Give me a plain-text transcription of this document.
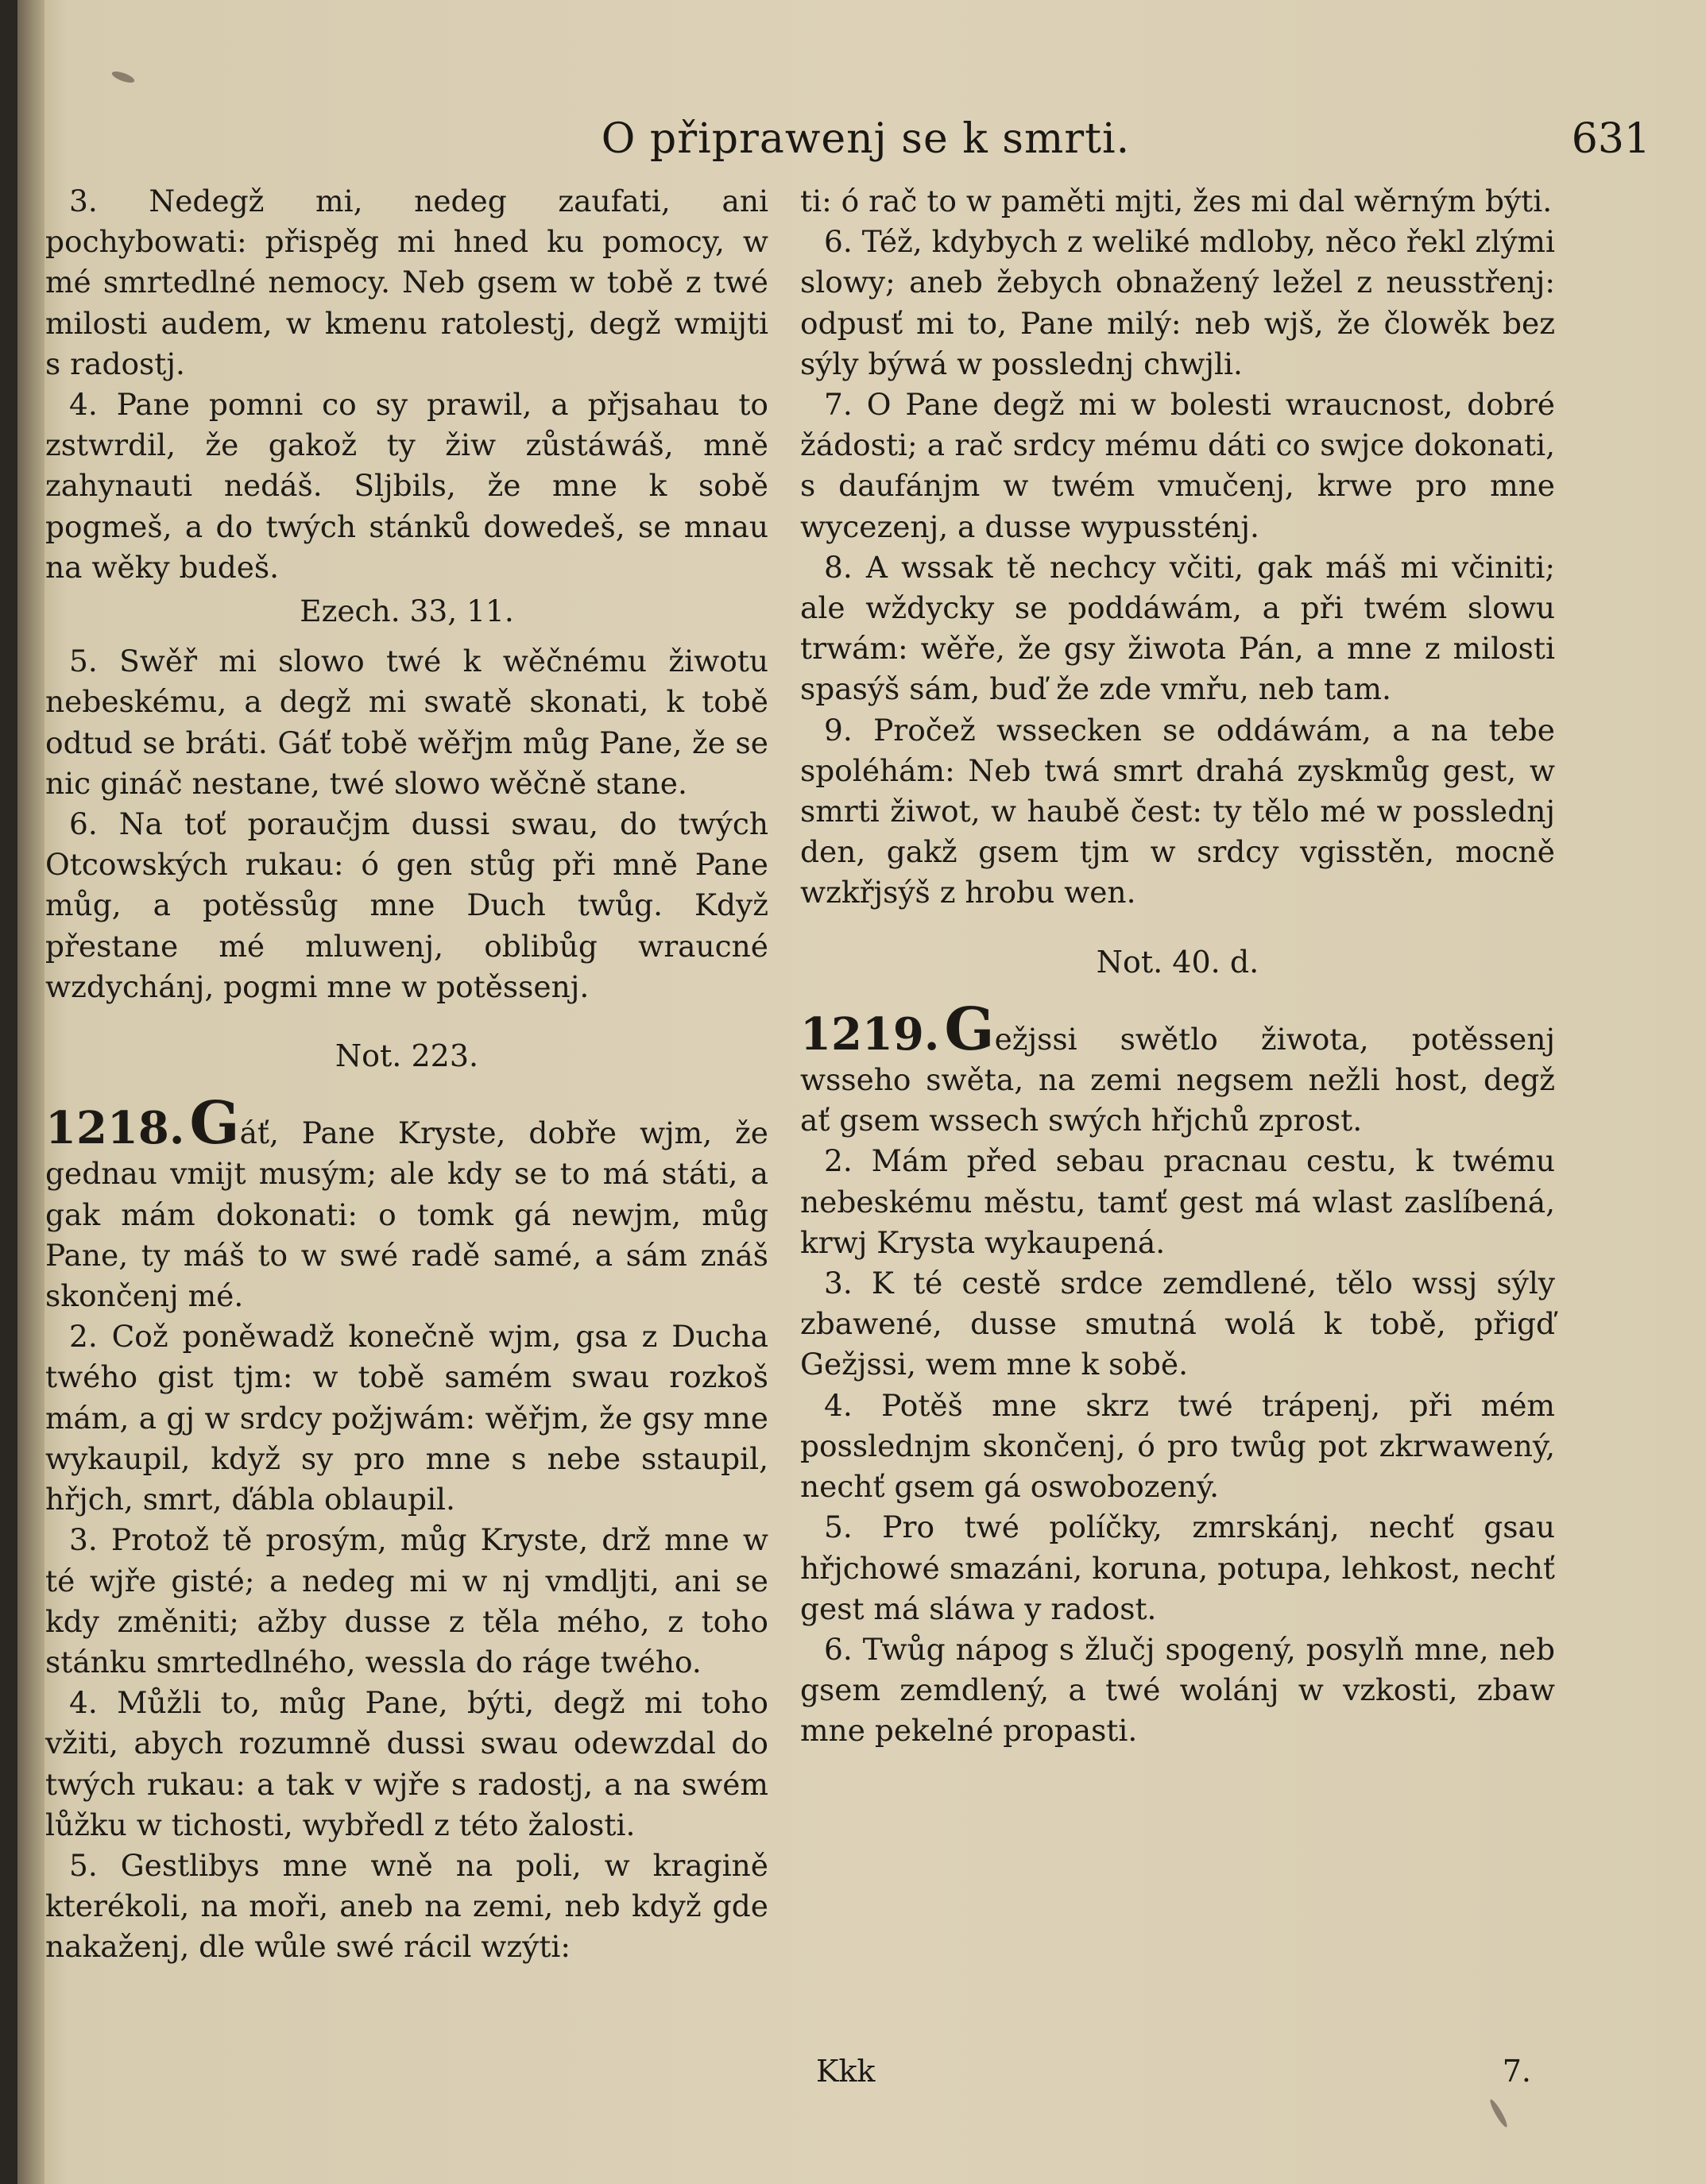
O připrawenj se k smrti.	631

3. Nedegž mi, nedeg zaufati, ani pochybowati: přispěg mi hned ku pomocy, w mé smrtedlné nemocy. Neb gsem w tobě z twé milosti audem, w kmenu ratolestj, degž wmijti s radostj.

4. Pane pomni co sy prawil, a přjsahau to zstwrdil, že gakož ty žiw zůstáwáš, mně zahynauti nedáš. Sljbils, že mne k sobě pogmeš, a do twých stánků dowedeš, se mnau na wěky budeš.

Ezech. 33, 11.

5. Swěř mi slowo twé k wěčnému žiwotu nebeskému, a degž mi swatě skonati, k tobě odtud se bráti. Gáť tobě wěřjm můg Pane, že se nic gináč nestane, twé slowo wěčně stane.

6. Na toť poraučjm dussi swau, do twých Otcowských rukau: ó gen stůg při mně Pane můg, a potěssůg mne Duch twůg. Když přestane mé mluwenj, oblibůg wraucné wzdychánj, pogmi mne w potěssenj.

Not. 223.

1218.Gáť, Pane Kryste, dobře wjm, že gednau vmijt musým; ale kdy se to má státi, a gak mám dokonati: o tomk gá newjm, můg Pane, ty máš to w swé radě samé, a sám znáš skončenj mé.

2. Což poněwadž konečně wjm, gsa z Ducha twého gist tjm: w tobě samém swau rozkoš mám, a gj w srdcy požjwám: wěřjm, že gsy mne wykaupil, když sy pro mne s nebe sstaupil, hřjch, smrt, ďábla oblaupil.

3. Protož tě prosým, můg Kryste, drž mne w té wjře gisté; a nedeg mi w nj vmdljti, ani se kdy změniti; ažby dusse z těla mého, z toho stánku smrtedlného, wessla do ráge twého.

4. Můžli to, můg Pane, býti, degž mi toho vžiti, abych rozumně dussi swau odewzdal do twých rukau: a tak v wjře s radostj, a na swém lůžku w tichosti, wybředl z této žalosti.

5. Gestlibys mne wně na poli, w kragině kterékoli, na moři, aneb na zemi, neb když gde nakaženj, dle wůle swé rácil wzýti:

ti: ó rač to w paměti mjti, žes mi dal wěrným býti.

6. Též, kdybych z weliké mdloby, něco řekl zlými slowy; aneb žebych obnažený ležel z neusstřenj: odpusť mi to, Pane milý: neb wjš, že člowěk bez sýly býwá w posslednj chwjli.

7. O Pane degž mi w bolesti wraucnost, dobré žádosti; a rač srdcy mému dáti co swjce dokonati, s daufánjm w twém vmučenj, krwe pro mne wycezenj, a dusse wypussténj.

8. A wssak tě nechcy včiti, gak máš mi včiniti; ale wždycky se poddáwám, a při twém slowu trwám: wěře, že gsy žiwota Pán, a mne z milosti spasýš sám, buď že zde vmřu, neb tam.

9. Pročež wssecken se oddáwám, a na tebe spoléhám: Neb twá smrt drahá zyskmůg gest, w smrti žiwot, w haubě čest: ty tělo mé w posslednj den, gakž gsem tjm w srdcy vgisstěn, mocně wzkřjsýš z hrobu wen.

Not. 40. d.

1219.Gežjssi swětlo žiwota, potěssenj wsseho swěta, na zemi negsem nežli host, degž ať gsem wssech swých hřjchů zprost.

2. Mám před sebau pracnau cestu, k twému nebeskému městu, tamť gest má wlast zaslíbená, krwj Krysta wykaupená.

3. K té cestě srdce zemdlené, tělo wssj sýly zbawené, dusse smutná wolá k tobě, přigď Gežjssi, wem mne k sobě.

4. Potěš mne skrz twé trápenj, při mém posslednjm skončenj, ó pro twůg pot zkrwawený, nechť gsem gá oswobozený.

5. Pro twé políčky, zmrskánj, nechť gsau hřjchowé smazáni, koruna, potupa, lehkost, nechť gest má sláwa y radost.

6. Twůg nápog s žlučj spogený, posylň mne, neb gsem zemdlený, a twé wolánj w vzkosti, zbaw mne pekelné propasti.

Kkk	7.
